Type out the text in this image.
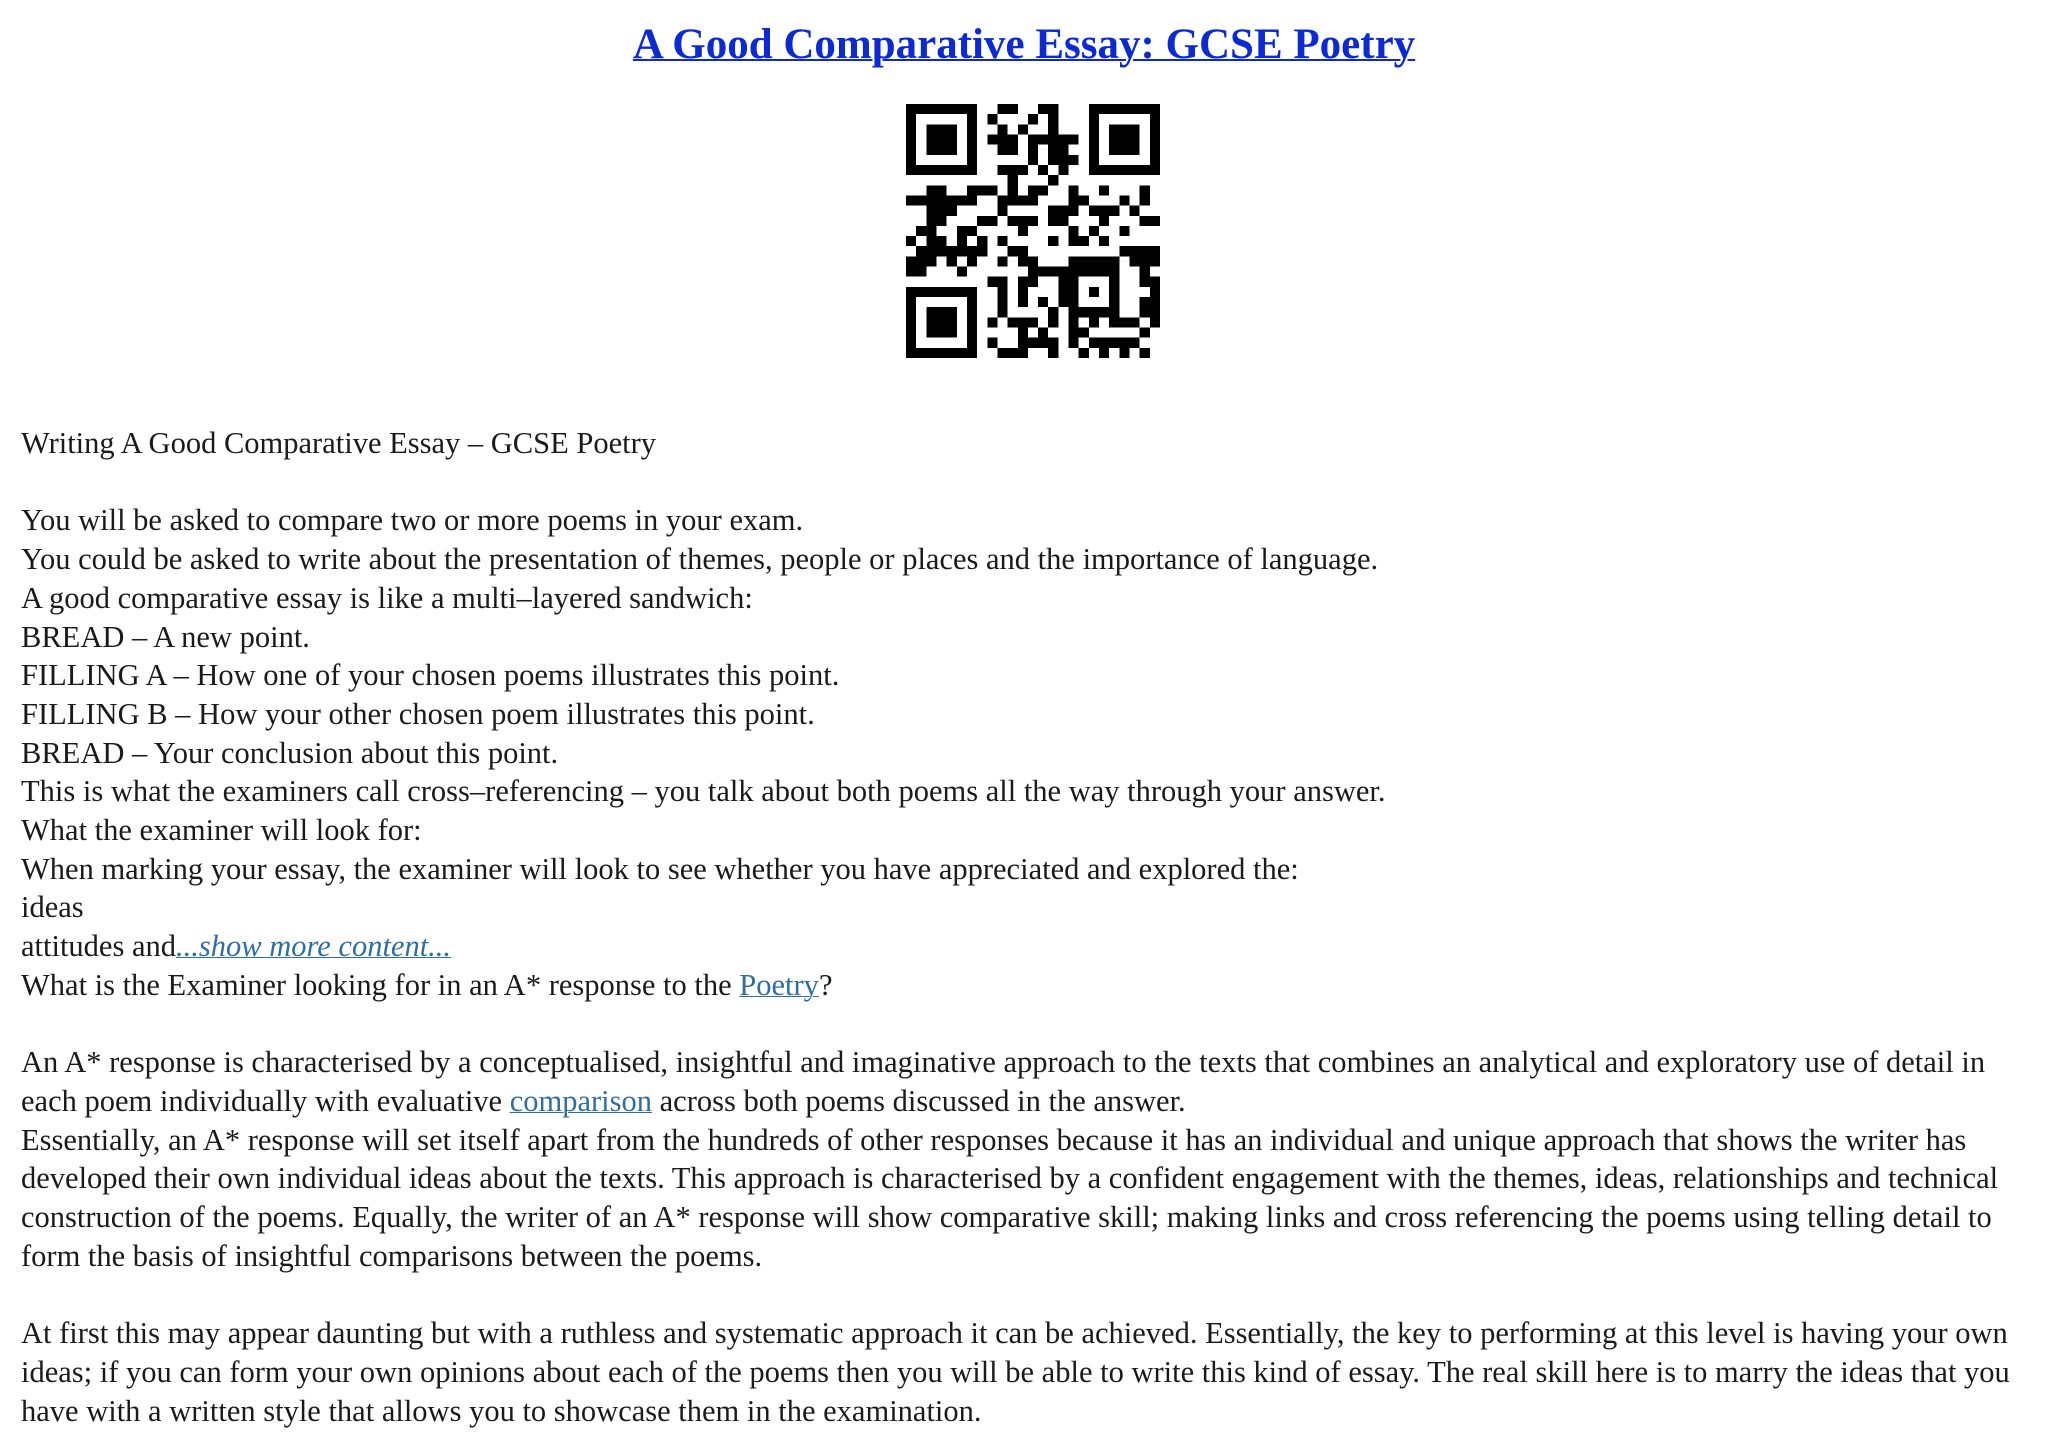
A Good Comparative Essay: GCSE Poetry
Writing A Good Comparative Essay – GCSE Poetry
You will be asked to compare two or more poems in your exam.
You could be asked to write about the presentation of themes, people or places and the importance of language.
A good comparative essay is like a multi–layered sandwich:
BREAD – A new point.
FILLING A – How one of your chosen poems illustrates this point.
FILLING B – How your other chosen poem illustrates this point.
BREAD – Your conclusion about this point.
This is what the examiners call cross–referencing – you talk about both poems all the way through your answer.
What the examiner will look for:
When marking your essay, the examiner will look to see whether you have appreciated and explored the:
ideas
attitudes and...show more content...
What is the Examiner looking for in an A* response to the Poetry?
An A* response is characterised by a conceptualised, insightful and imaginative approach to the texts that combines an analytical and exploratory use of detail in each poem individually with evaluative comparison across both poems discussed in the answer.
Essentially, an A* response will set itself apart from the hundreds of other responses because it has an individual and unique approach that shows the writer has developed their own individual ideas about the texts. This approach is characterised by a confident engagement with the themes, ideas, relationships and technical construction of the poems. Equally, the writer of an A* response will show comparative skill; making links and cross referencing the poems using telling detail to form the basis of insightful comparisons between the poems.
At first this may appear daunting but with a ruthless and systematic approach it can be achieved. Essentially, the key to performing at this level is having your own ideas; if you can form your own opinions about each of the poems then you will be able to write this kind of essay. The real skill here is to marry the ideas that you have with a written style that allows you to showcase them in the examination.
